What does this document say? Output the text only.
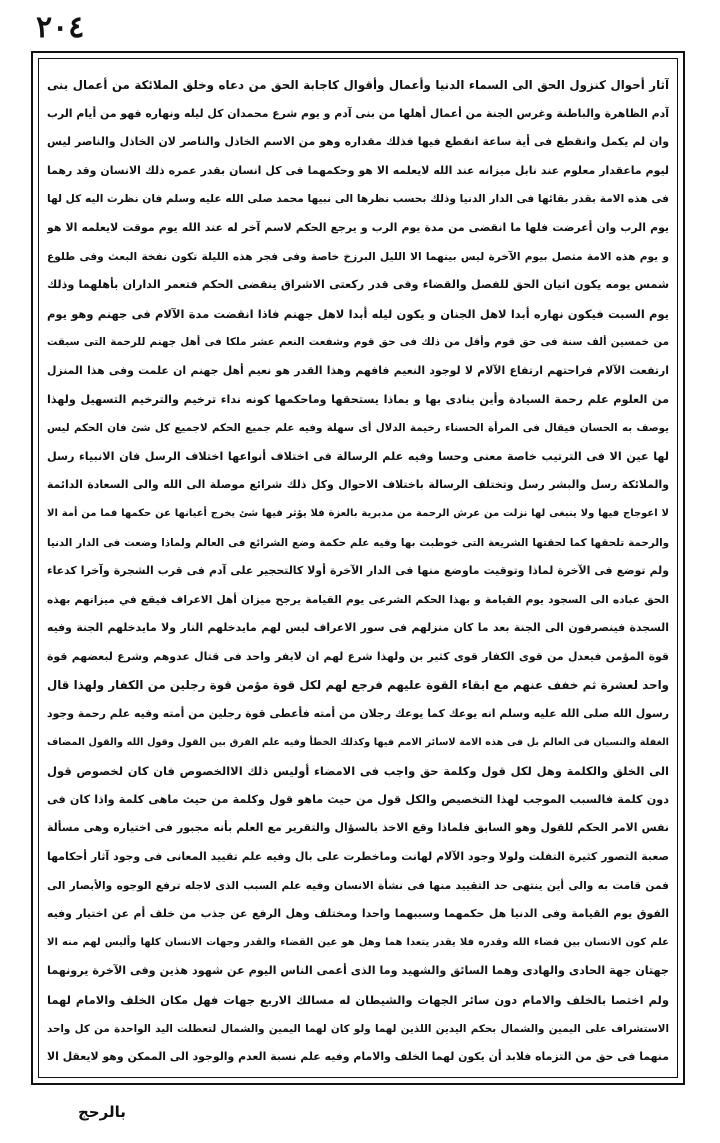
٢٠٤
آثار أحوال كنزول الحق الى السماء الدنيا وأعمال وأقوال كاجابة الحق من دعاه وخلق الملائكة من أعمال بنى
آدم الظاهرة والباطنة وغرس الجنة من أعمال أهلها من بنى آدم و يوم شرع محمدان كل ليله ونهاره فهو من أيام الرب
وان لم يكمل وانقطع فى أية ساعة انقطع فيها فذلك مقداره وهو من الاسم الخاذل والناصر لان الخاذل والناصر ليس
ليوم ماعقدار معلوم عند نابل ميزانه عند الله لايعلمه الا هو وحكمهما فى كل انسان بقدر عمره ذلك الانسان وقد رهما
فى هذه الامة بقدر بقائها فى الدار الدنيا وذلك بحسب نظرها الى نبيها محمد صلى الله عليه وسلم فان نظرت اليه كل لها
يوم الرب وان أعرضت فلها ما انقضى من مدة يوم الرب و يرجع الحكم لاسم آخر له عند الله يوم موقت لايعلمه الا هو
و يوم هذه الامة متصل بيوم الآخرة ليس بينهما الا الليل البرزخ خاصة وفى فجر هذه الليلة تكون نفخة البعث وفى طلوع
شمس يومه يكون اتيان الحق للفصل والقضاء وفى قدر ركعتى الاشراق ينقضى الحكم فتعمر الداران بأهلهما وذلك
يوم السبت فيكون نهاره أبدا لاهل الجنان و يكون ليله أبدا لاهل جهنم فاذا انقضت مدة الآلام فى جهنم وهو يوم
من خمسين ألف سنة فى حق قوم وأقل من ذلك فى حق قوم وشفعت النعم عشر ملكا فى أهل جهنم للرحمة التى سبقت
ارتفعت الآلام فراحتهم ارتفاع الآلام لا لوجود النعيم فافهم وهذا القدر هو نعيم أهل جهنم ان علمت وفى هذا المنزل
من العلوم علم رحمة السيادة وأين ينادى بها و بماذا يستحقها وماحكمها كونه نداء ترخيم والترخيم التسهيل ولهذا
يوصف به الحسان فيقال فى المرأة الحسناء رخيمة الدلال أى سهلة وفيه علم جميع الحكم لاجميع كل شئ فان الحكم ليس
لها عين الا فى الترتيب خاصة معنى وحسا وفيه علم الرسالة فى اختلاف أنواعها اختلاف الرسل فان الانبياء رسل
والملائكة رسل والبشر رسل وتختلف الرسالة باختلاف الاحوال وكل ذلك شرائع موصلة الى الله والى السعادة الدائمة
لا اعوجاج فيها ولا ينبغى لها نزلت من عرش الرحمة من مدبرية بالعزة فلا يؤثر فيها شئ يخرج أعيانها عن حكمها فما من أمة الا
والرحمة تلحقها كما لحقتها الشريعة التى خوطبت بها وفيه علم حكمة وضع الشرائع فى العالم ولماذا وضعت فى الدار الدنيا
ولم توضع فى الآخرة لماذا وتوقيت ماوضع منها فى الدار الآخرة أولا كالتحجير على آدم فى قرب الشجرة وآخرا كدعاء
الحق عباده الى السجود يوم القيامة و بهذا الحكم الشرعى يوم القيامة يرجح ميزان أهل الاعراف فيقع في ميزانهم بهذه
السجدة فينصرفون الى الجنة بعد ما كان منزلهم فى سور الاعراف ليس لهم مايدخلهم النار ولا مايدخلهم الجنة وفيه
قوة المؤمن فيعدل من قوى الكفار قوى كثير بن ولهذا شرع لهم ان لايفر واحد فى قتال عدوهم وشرع لبعضهم قوة
واحد لعشرة ثم خفف عنهم مع ابقاء القوة عليهم فرجع لهم لكل قوة مؤمن قوة رجلين من الكفار ولهذا قال
رسول الله صلى الله عليه وسلم انه يوعك كما يوعك رجلان من أمته فأعطى قوة رجلين من أمته وفيه علم رحمة وجود
الغفلة والنسيان فى العالم بل فى هذه الامة لاسائر الامم فيها وكذلك الخطأ وفيه علم الفرق بين القول وقول الله والقول المضاف
الى الخلق والكلمة وهل لكل قول وكلمة حق واجب فى الامضاء أوليس ذلك الاالخصوص فان كان لخصوص قول
دون كلمة فالسبب الموجب لهذا التخصيص والكل قول من حيث ماهو قول وكلمة من حيث ماهى كلمة واذا كان فى
نفس الامر الحكم للقول وهو السابق فلماذا وقع الاخذ بالسؤال والتقرير مع العلم بأنه مجبور فى اختياره وهى مسألة
صعبة التصور كثيرة التفلت ولولا وجود الآلام لهانت وماخطرت على بال وفيه علم تقييد المعانى فى وجود آثار أحكامها
فمن قامت به والى أين ينتهى حد التقييد منها فى نشأة الانسان وفيه علم السبب الذى لاجله ترفع الوجوه والأبصار الى
الفوق يوم القيامة وفى الدنيا هل حكمهما وسببهما واحدا ومختلف وهل الرفع عن جذب من خلف أم عن اختيار وفيه
علم كون الانسان بين قضاء الله وقدره فلا يقدر يتعدا هما وهل هو عين القضاء والقدر وجهات الانسان كلها وأليس لهم منه الا
جهتان جهة الحادى والهادى وهما السائق والشهيد وما الذى أعمى الناس اليوم عن شهود هذين وفى الآخرة يرونهما
ولم اختصا بالخلف والامام دون سائر الجهات والشيطان له مسالك الاربع جهات فهل مكان الخلف والامام لهما
الاستشراف على اليمين والشمال بحكم اليدين اللذين لهما ولو كان لهما اليمين والشمال لتعطلت اليد الواحدة من كل واحد
منهما فى حق من التزماه فلابد أن يكون لهما الخلف والامام وفيه علم نسبة العدم والوجود الى الممكن وهو لايعقل الا
بالرحج
